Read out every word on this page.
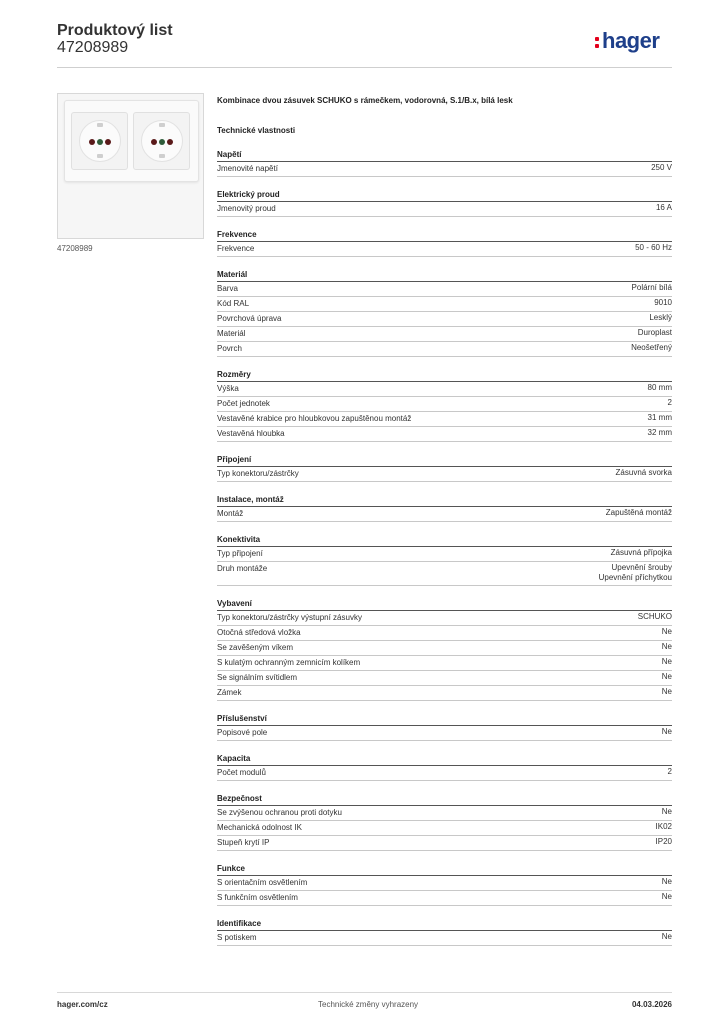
Produktový list
47208989	hager
47208989
Kombinace dvou zásuvek SCHUKO s rámečkem, vodorovná, S.1/B.x, bílá lesk
Technické vlastnosti
Napětí
Jmenovité napětí	250 V
Elektrický proud
Jmenovitý proud	16 A
Frekvence
Frekvence	50 - 60 Hz
Materiál
Barva	Polární bílá
Kód RAL	9010
Povrchová úprava	Lesklý
Materiál	Duroplast
Povrch	Neošetřený
Rozměry
Výška	80 mm
Počet jednotek	2
Vestavěné krabice pro hloubkovou zapuštěnou montáž	31 mm
Vestavěná hloubka	32 mm
Připojení
Typ konektoru/zástrčky	Zásuvná svorka
Instalace, montáž
Montáž	Zapuštěná montáž
Konektivita
Typ připojení	Zásuvná přípojka
Druh montáže	Upevnění šrouby
Upevnění příchytkou
Vybavení
Typ konektoru/zástrčky výstupní zásuvky	SCHUKO
Otočná středová vložka	Ne
Se zavěšeným víkem	Ne
S kulatým ochranným zemnicím kolíkem	Ne
Se signálním svítidlem	Ne
Zámek	Ne
Příslušenství
Popisové pole	Ne
Kapacita
Počet modulů	2
Bezpečnost
Se zvýšenou ochranou proti dotyku	Ne
Mechanická odolnost IK	IK02
Stupeň krytí IP	IP20
Funkce
S orientačním osvětlením	Ne
S funkčním osvětlením	Ne
Identifikace
S potiskem	Ne
hager.com/cz	Technické změny vyhrazeny	04.03.2026
